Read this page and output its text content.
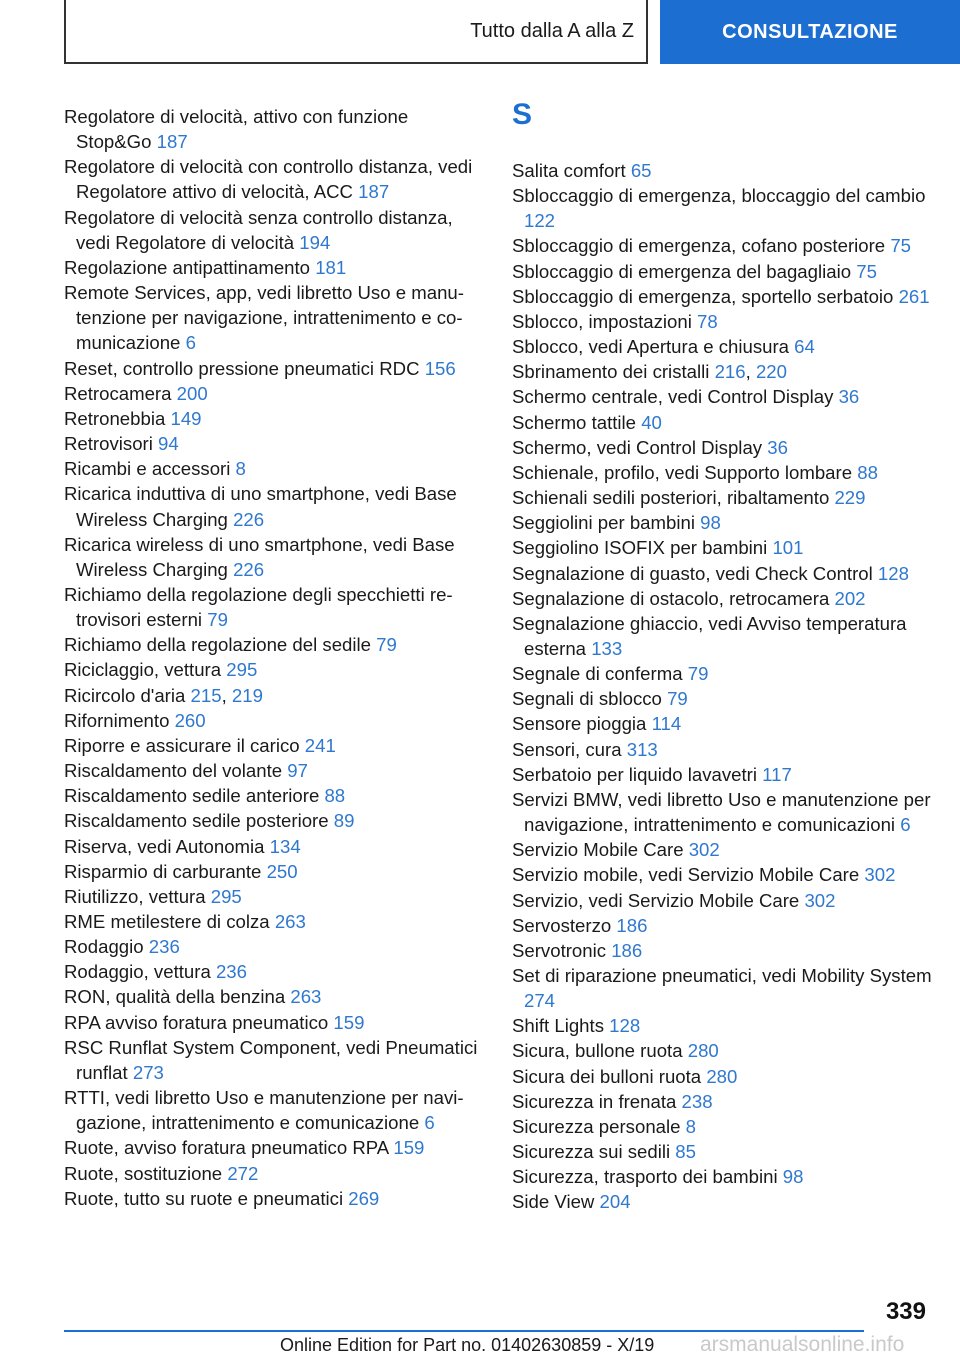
Tutto dalla A alla Z	CONSULTAZIONE

Regolatore di velocità, attivo con funzione Stop&Go 187

Regolatore di velocità con controllo distanza, vedi Regolatore attivo di velocità, ACC 187

Regolatore di velocità senza controllo distanza, vedi Regolatore di velocità 194

Regolazione antipattinamento 181

Remote Services, app, vedi libretto Uso e manutenzione per navigazione, intrattenimento e comunicazione 6

Reset, controllo pressione pneumatici RDC 156

Retrocamera 200

Retronebbia 149

Retrovisori 94

Ricambi e accessori 8

Ricarica induttiva di uno smartphone, vedi Base Wireless Charging 226

Ricarica wireless di uno smartphone, vedi Base Wireless Charging 226

Richiamo della regolazione degli specchietti retrovisori esterni 79

Richiamo della regolazione del sedile 79

Riciclaggio, vettura 295

Ricircolo d'aria 215, 219

Rifornimento 260

Riporre e assicurare il carico 241

Riscaldamento del volante 97

Riscaldamento sedile anteriore 88

Riscaldamento sedile posteriore 89

Riserva, vedi Autonomia 134

Risparmio di carburante 250

Riutilizzo, vettura 295

RME metilestere di colza 263

Rodaggio 236

Rodaggio, vettura 236

RON, qualità della benzina 263

RPA avviso foratura pneumatico 159

RSC Runflat System Component, vedi Pneumatici runflat 273

RTTI, vedi libretto Uso e manutenzione per navigazione, intrattenimento e comunicazione 6

Ruote, avviso foratura pneumatico RPA 159

Ruote, sostituzione 272

Ruote, tutto su ruote e pneumatici 269

S

Salita comfort 65

Sbloccaggio di emergenza, bloccaggio del cambio 122

Sbloccaggio di emergenza, cofano posteriore 75

Sbloccaggio di emergenza del bagagliaio 75

Sbloccaggio di emergenza, sportello serbatoio 261

Sblocco, impostazioni 78

Sblocco, vedi Apertura e chiusura 64

Sbrinamento dei cristalli 216, 220

Schermo centrale, vedi Control Display 36

Schermo tattile 40

Schermo, vedi Control Display 36

Schienale, profilo, vedi Supporto lombare 88

Schienali sedili posteriori, ribaltamento 229

Seggiolini per bambini 98

Seggiolino ISOFIX per bambini 101

Segnalazione di guasto, vedi Check Control 128

Segnalazione di ostacolo, retrocamera 202

Segnalazione ghiaccio, vedi Avviso temperatura esterna 133

Segnale di conferma 79

Segnali di sblocco 79

Sensore pioggia 114

Sensori, cura 313

Serbatoio per liquido lavavetri 117

Servizi BMW, vedi libretto Uso e manutenzione per navigazione, intrattenimento e comunicazioni 6

Servizio Mobile Care 302

Servizio mobile, vedi Servizio Mobile Care 302

Servizio, vedi Servizio Mobile Care 302

Servosterzo 186

Servotronic 186

Set di riparazione pneumatici, vedi Mobility System 274

Shift Lights 128

Sicura, bullone ruota 280

Sicura dei bulloni ruota 280

Sicurezza in frenata 238

Sicurezza personale 8

Sicurezza sui sedili 85

Sicurezza, trasporto dei bambini 98

Side View 204

339
Online Edition for Part no. 01402630859 - X/19 arsmanualsonline.info
